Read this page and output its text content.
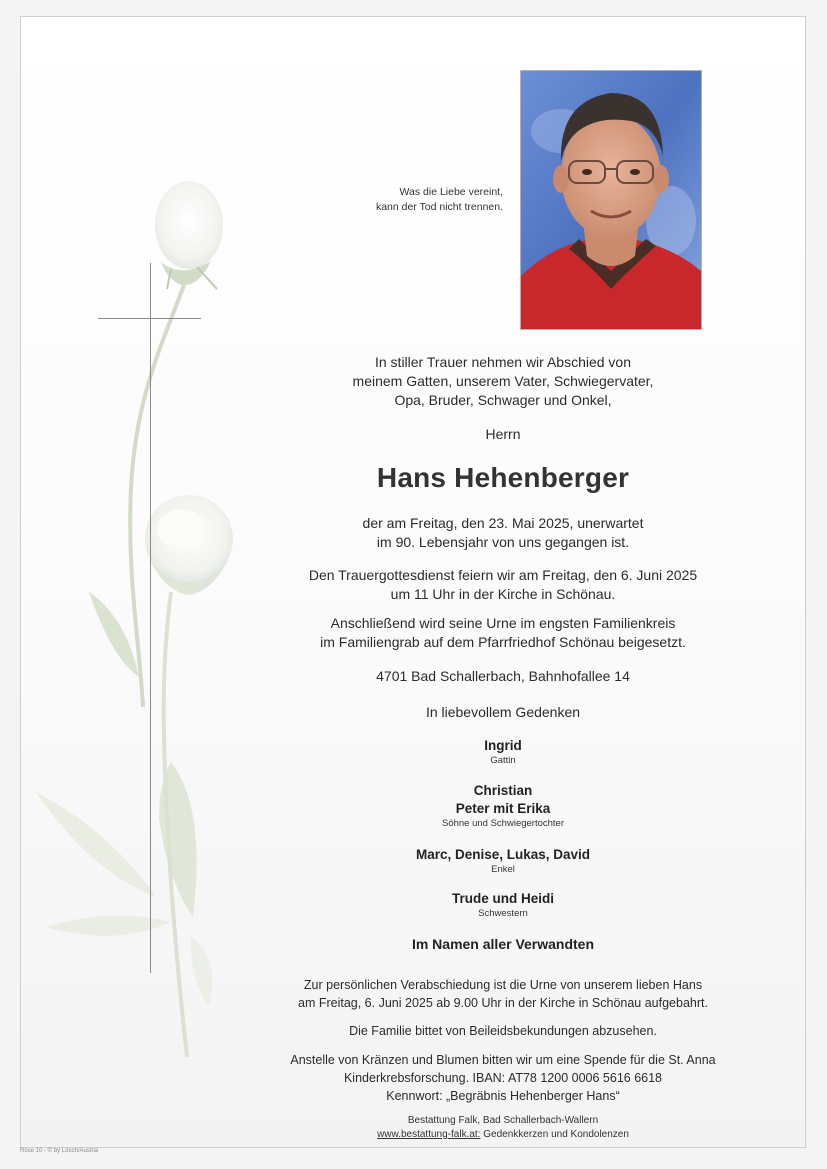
Was die Liebe vereint,
kann der Tod nicht trennen.
In stiller Trauer nehmen wir Abschied von
meinem Gatten, unserem Vater, Schwiegervater,
Opa, Bruder, Schwager und Onkel,
Herrn
Hans Hehenberger
der am Freitag, den 23. Mai 2025, unerwartet
im 90. Lebensjahr von uns gegangen ist.
Den Trauergottesdienst feiern wir am Freitag, den 6. Juni 2025
um 11 Uhr in der Kirche in Schönau.
Anschließend wird seine Urne im engsten Familienkreis
im Familiengrab auf dem Pfarrfriedhof Schönau beigesetzt.
4701 Bad Schallerbach, Bahnhofallee 14
In liebevollem Gedenken
Ingrid
Gattin
Christian
Peter mit Erika
Söhne und Schwiegertochter
Marc, Denise, Lukas, David
Enkel
Trude und Heidi
Schwestern
Im Namen aller Verwandten
Zur persönlichen Verabschiedung ist die Urne von unserem lieben Hans
am Freitag, 6. Juni 2025 ab 9.00 Uhr in der Kirche in Schönau aufgebahrt.
Die Familie bittet von Beileidsbekundungen abzusehen.
Anstelle von Kränzen und Blumen bitten wir um eine Spende für die St. Anna
Kinderkrebsforschung. IBAN: AT78 1200 0006 5616 6618
Kennwort: „Begräbnis Hehenberger Hans“
Bestattung Falk, Bad Schallerbach-Wallern
www.bestattung-falk.at: Gedenkkerzen und Kondolenzen
Rose 10 - © by Lösch/Austria
